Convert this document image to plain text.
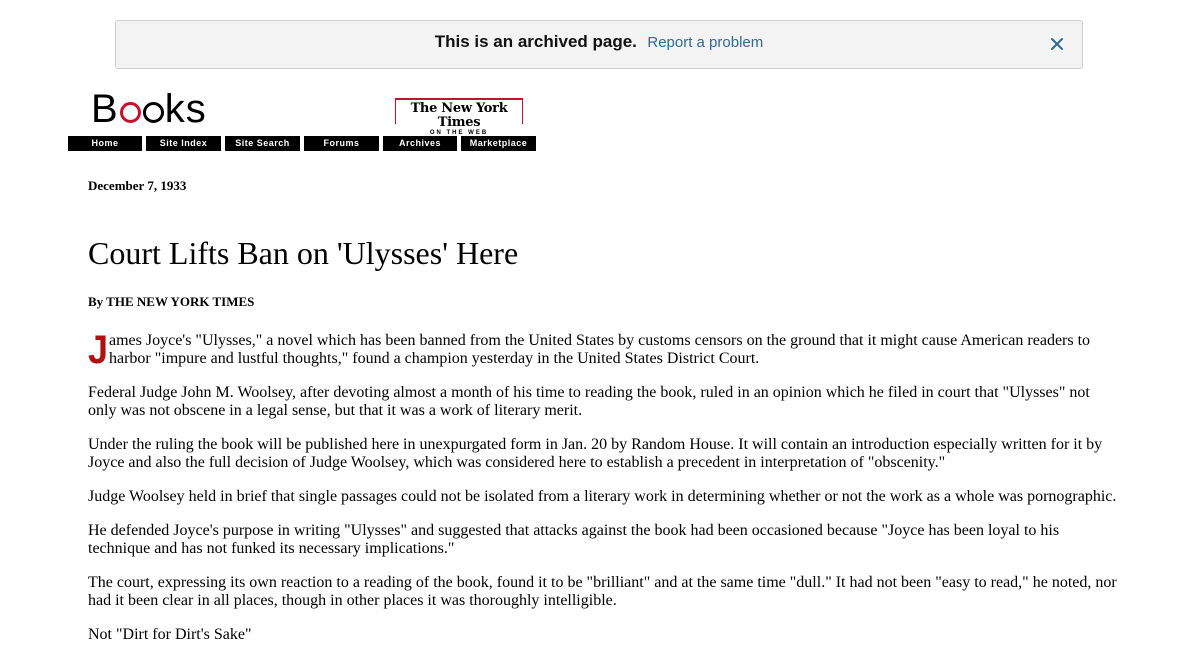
This is an archived page. Report a problem
B ks	The New York Times
ON THE WEB
Home	Site Index	Site Search	Forums	Archives	Marketplace
December 7, 1933
Court Lifts Ban on 'Ulysses' Here
By THE NEW YORK TIMES

J ames Joyce's "Ulysses," a novel which has been banned from the United States by customs censors on the ground that it might cause American readers to harbor "impure and lustful thoughts," found a champion yesterday in the United States District Court.

Federal Judge John M. Woolsey, after devoting almost a month of his time to reading the book, ruled in an opinion which he filed in court that "Ulysses" not only was not obscene in a legal sense, but that it was a work of literary merit.

Under the ruling the book will be published here in unexpurgated form in Jan. 20 by Random House. It will contain an introduction especially written for it by Joyce and also the full decision of Judge Woolsey, which was considered here to establish a precedent in interpretation of "obscenity."

Judge Woolsey held in brief that single passages could not be isolated from a literary work in determining whether or not the work as a whole was pornographic.

He defended Joyce's purpose in writing "Ulysses" and suggested that attacks against the book had been occasioned because "Joyce has been loyal to his technique and has not funked its necessary implications."

The court, expressing its own reaction to a reading of the book, found it to be "brilliant" and at the same time "dull." It had not been "easy to read," he noted, nor had it been clear in all places, though in other places it was thoroughly intelligible.

Not "Dirt for Dirt's Sake"
